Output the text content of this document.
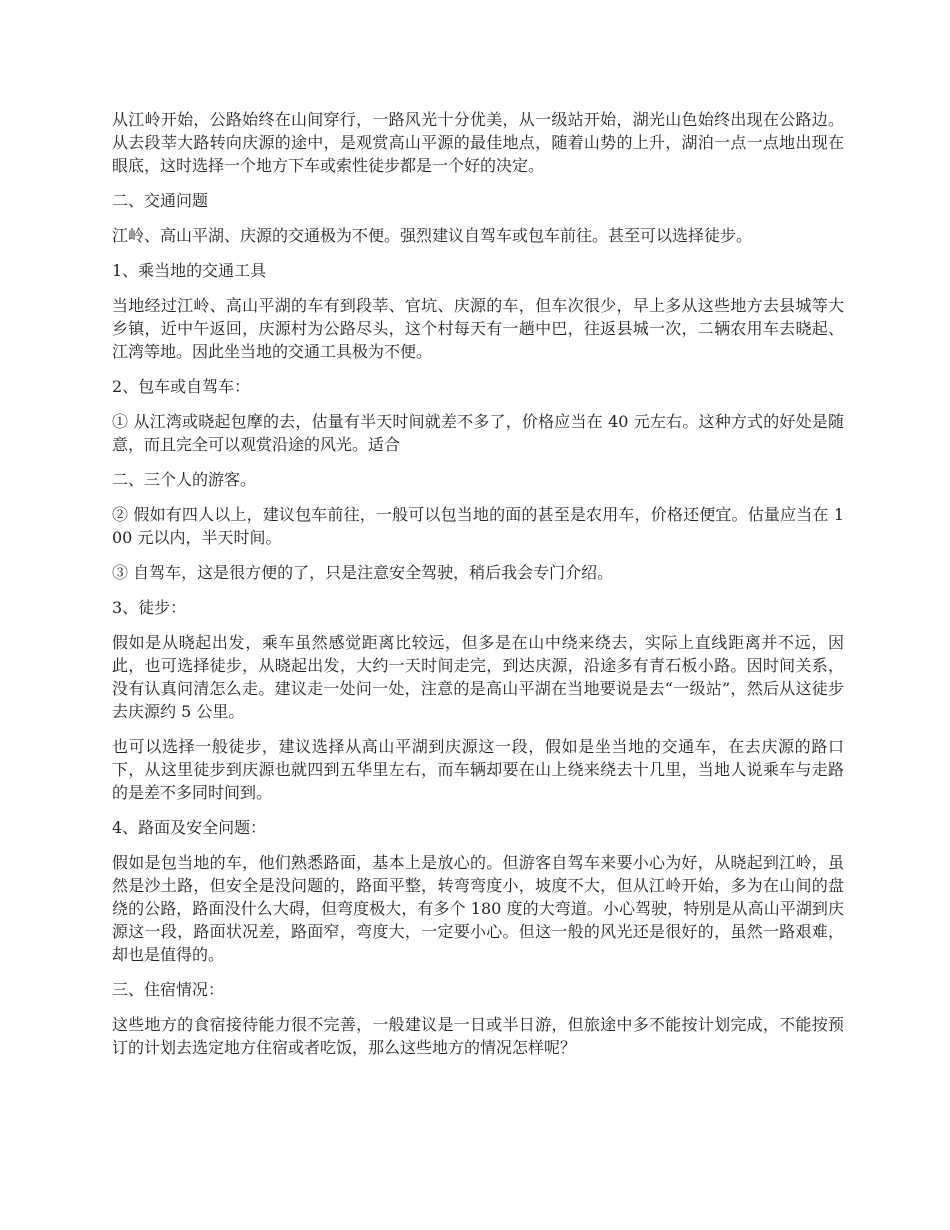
从江岭开始，公路始终在山间穿行，一路风光十分优美，从一级站开始，湖光山色始终出现在公路边。从去段莘大路转向庆源的途中，是观赏高山平源的最佳地点，随着山势的上升，湖泊一点一点地出现在眼底，这时选择一个地方下车或索性徒步都是一个好的决定。

二、交通问题

江岭、高山平湖、庆源的交通极为不便。强烈建议自驾车或包车前往。甚至可以选择徒步。

1、乘当地的交通工具

当地经过江岭、高山平湖的车有到段莘、官坑、庆源的车，但车次很少，早上多从这些地方去县城等大乡镇，近中午返回，庆源村为公路尽头，这个村每天有一趟中巴，往返县城一次，二辆农用车去晓起、江湾等地。因此坐当地的交通工具极为不便。

2、包车或自驾车：

① 从江湾或晓起包摩的去，估量有半天时间就差不多了，价格应当在 40 元左右。这种方式的好处是随意，而且完全可以观赏沿途的风光。适合

二、三个人的游客。

② 假如有四人以上，建议包车前往，一般可以包当地的面的甚至是农用车，价格还便宜。估量应当在 100 元以内，半天时间。

③ 自驾车，这是很方便的了，只是注意安全驾驶，稍后我会专门介绍。

3、徒步：

假如是从晓起出发，乘车虽然感觉距离比较远，但多是在山中绕来绕去，实际上直线距离并不远，因此，也可选择徒步，从晓起出发，大约一天时间走完，到达庆源，沿途多有青石板小路。因时间关系，没有认真问清怎么走。建议走一处问一处，注意的是高山平湖在当地要说是去“一级站”，然后从这徒步去庆源约 5 公里。

也可以选择一般徒步，建议选择从高山平湖到庆源这一段，假如是坐当地的交通车，在去庆源的路口下，从这里徒步到庆源也就四到五华里左右，而车辆却要在山上绕来绕去十几里，当地人说乘车与走路的是差不多同时间到。

4、路面及安全问题：

假如是包当地的车，他们熟悉路面，基本上是放心的。但游客自驾车来要小心为好，从晓起到江岭，虽然是沙土路，但安全是没问题的，路面平整，转弯弯度小，坡度不大，但从江岭开始，多为在山间的盘绕的公路，路面没什么大碍，但弯度极大，有多个 180 度的大弯道。小心驾驶，特别是从高山平湖到庆源这一段，路面状况差，路面窄，弯度大，一定要小心。但这一般的风光还是很好的，虽然一路艰难，却也是值得的。

三、住宿情况：

这些地方的食宿接待能力很不完善，一般建议是一日或半日游，但旅途中多不能按计划完成，不能按预订的计划去选定地方住宿或者吃饭，那么这些地方的情况怎样呢？
